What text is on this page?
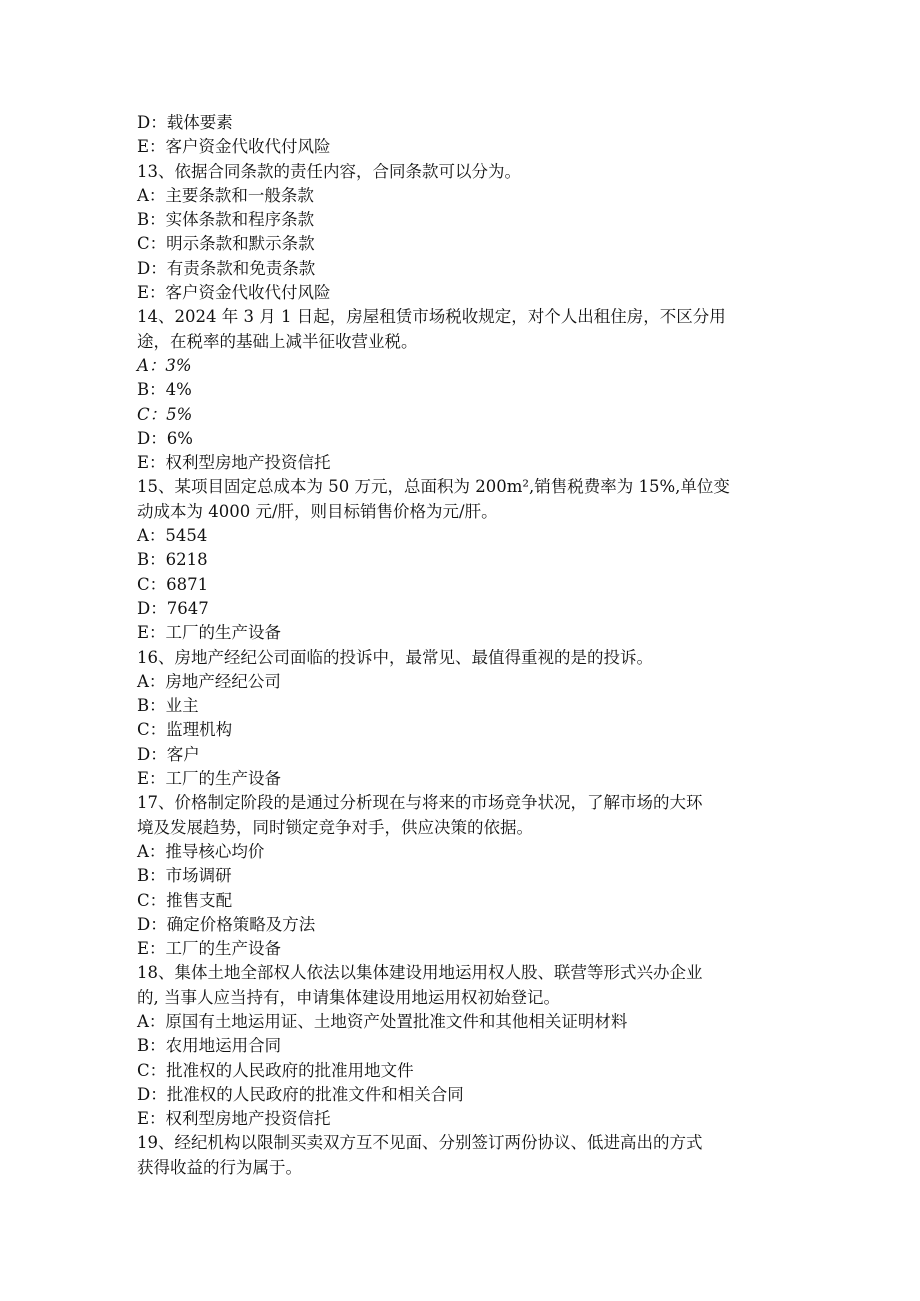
D：载体要素
E：客户资金代收代付风险
13、依据合同条款的责任内容，合同条款可以分为。
A：主要条款和一般条款
B：实体条款和程序条款
C：明示条款和默示条款
D：有责条款和免责条款
E：客户资金代收代付风险
14、2024 年 3 月 1 日起，房屋租赁市场税收规定，对个人出租住房，不区分用
途，在税率的基础上减半征收营业税。
A：3%
B：4%
C：5%
D：6%
E：权利型房地产投资信托
15、某项目固定总成本为 50 万元，总面积为 200m²,销售税费率为 15%,单位变
动成本为 4000 元/肝，则目标销售价格为元/肝。
A：5454
B：6218
C：6871
D：7647
E：工厂的生产设备
16、房地产经纪公司面临的投诉中，最常见、最值得重视的是的投诉。
A：房地产经纪公司
B：业主
C：监理机构
D：客户
E：工厂的生产设备
17、价格制定阶段的是通过分析现在与将来的市场竞争状况，了解市场的大环
境及发展趋势，同时锁定竞争对手，供应决策的依据。
A：推导核心均价
B：市场调研
C：推售支配
D：确定价格策略及方法
E：工厂的生产设备
18、集体土地全部权人依法以集体建设用地运用权人股、联营等形式兴办企业
的, 当事人应当持有，申请集体建设用地运用权初始登记。
A：原国有土地运用证、土地资产处置批准文件和其他相关证明材料
B：农用地运用合同
C：批准权的人民政府的批准用地文件
D：批准权的人民政府的批准文件和相关合同
E：权利型房地产投资信托
19、经纪机构以限制买卖双方互不见面、分别签订两份协议、低进高出的方式
获得收益的行为属于。
